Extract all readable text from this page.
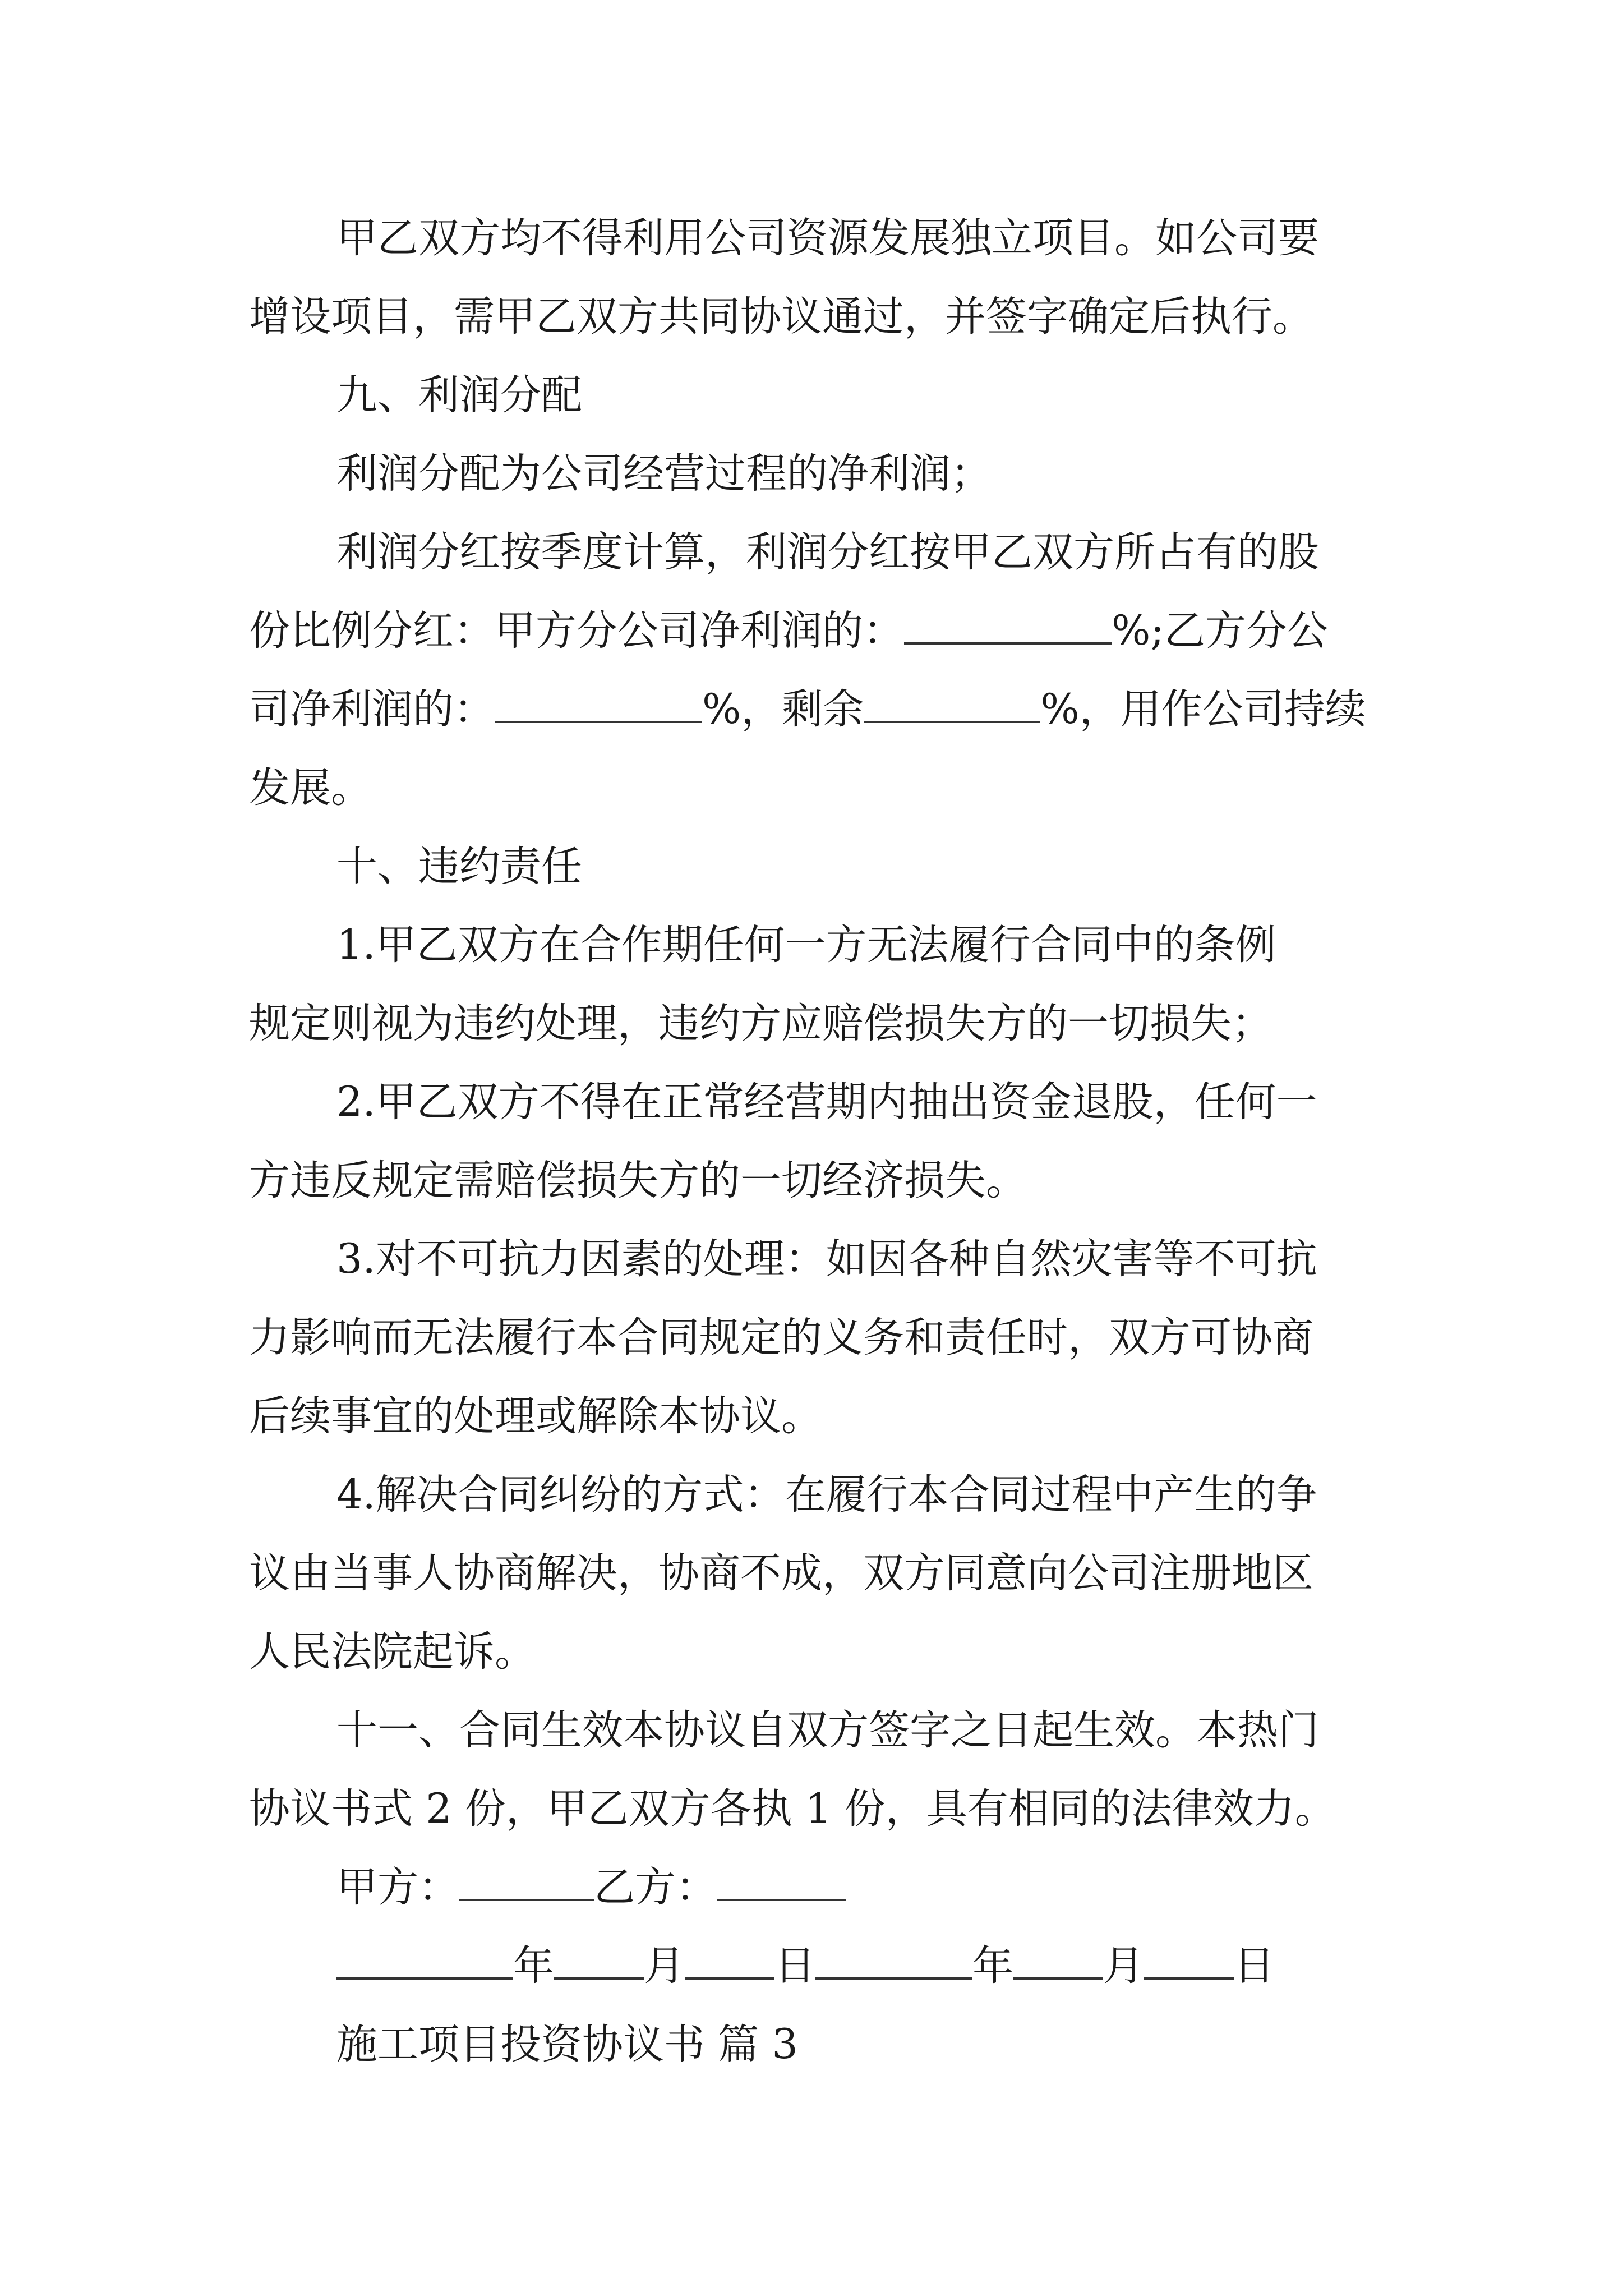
甲乙双方均不得利用公司资源发展独立项目。如公司要
增设项目，需甲乙双方共同协议通过，并签字确定后执行。
九、利润分配
利润分配为公司经营过程的净利润；
利润分红按季度计算，利润分红按甲乙双方所占有的股
份比例分红：甲方分公司净利润的：	%;乙方分公
司净利润的：	%，剩余	%，用作公司持续
发展。
十、违约责任
1.甲乙双方在合作期任何一方无法履行合同中的条例
规定则视为违约处理，违约方应赔偿损失方的一切损失；
2.甲乙双方不得在正常经营期内抽出资金退股，任何一
方违反规定需赔偿损失方的一切经济损失。
3.对不可抗力因素的处理：如因各种自然灾害等不可抗
力影响而无法履行本合同规定的义务和责任时，双方可协商
后续事宜的处理或解除本协议。
4.解决合同纠纷的方式：在履行本合同过程中产生的争
议由当事人协商解决，协商不成，双方同意向公司注册地区
人民法院起诉。
十一、合同生效本协议自双方签字之日起生效。本热门
协议书式 2 份，甲乙双方各执 1 份，具有相同的法律效力。
甲方：	乙方：
年 月 日	年 月 日
施工项目投资协议书 篇 3
